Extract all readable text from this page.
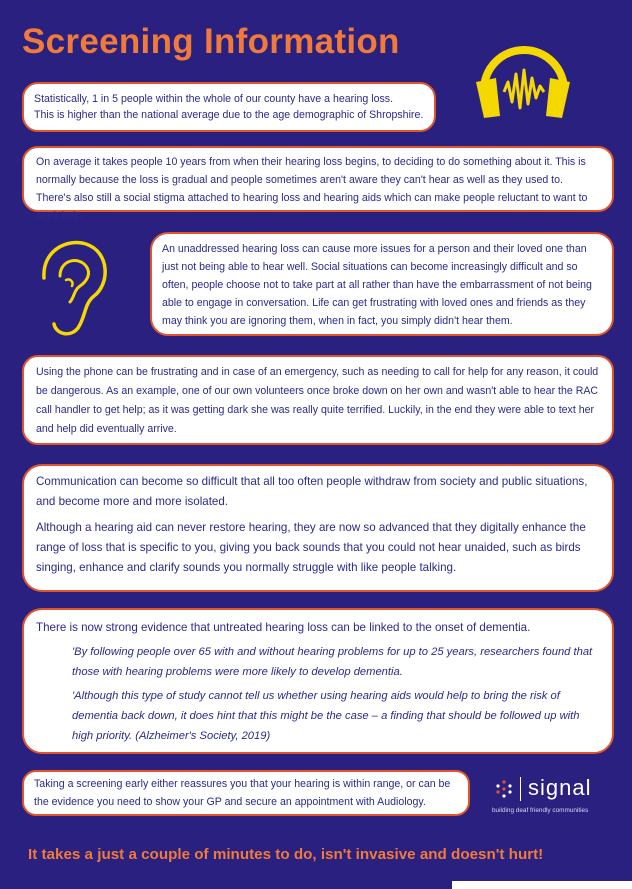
Screening Information

Statistically, 1 in 5 people within the whole of our county have a hearing loss.

This is higher than the national average due to the age demographic of Shropshire.

On average it takes people 10 years from when their hearing loss begins, to deciding to do something about it. This is normally because the loss is gradual and people sometimes aren't aware they can't hear as well as they used to. There's also still a social stigma attached to hearing loss and hearing aids which can make people reluctant to want to seek help.

An unaddressed hearing loss can cause more issues for a person and their loved one than just not being able to hear well. Social situations can become increasingly difficult and so often, people choose not to take part at all rather than have the embarrassment of not being able to engage in conversation. Life can get frustrating with loved ones and friends as they may think you are ignoring them, when in fact, you simply didn't hear them.

Using the phone can be frustrating and in case of an emergency, such as needing to call for help for any reason, it could be dangerous. As an example, one of our own volunteers once broke down on her own and wasn't able to hear the RAC call handler to get help; as it was getting dark she was really quite terrified. Luckily, in the end they were able to text her and help did eventually arrive.

Communication can become so difficult that all too often people withdraw from society and public situations, and become more and more isolated.

Although a hearing aid can never restore hearing, they are now so advanced that they digitally enhance the range of loss that is specific to you, giving you back sounds that you could not hear unaided, such as birds singing, enhance and clarify sounds you normally struggle with like people talking.

There is now strong evidence that untreated hearing loss can be linked to the onset of dementia.

'By following people over 65 with and without hearing problems for up to 25 years, researchers found that those with hearing problems were more likely to develop dementia.

'Although this type of study cannot tell us whether using hearing aids would help to bring the risk of dementia back down, it does hint that this might be the case – a finding that should be followed up with high priority. (Alzheimer's Society, 2019)

Taking a screening early either reassures you that your hearing is within range, or can be the evidence you need to show your GP and secure an appointment with Audiology.

signal
building deaf friendly communities

It takes a just a couple of minutes to do, isn't invasive and doesn't hurt!
